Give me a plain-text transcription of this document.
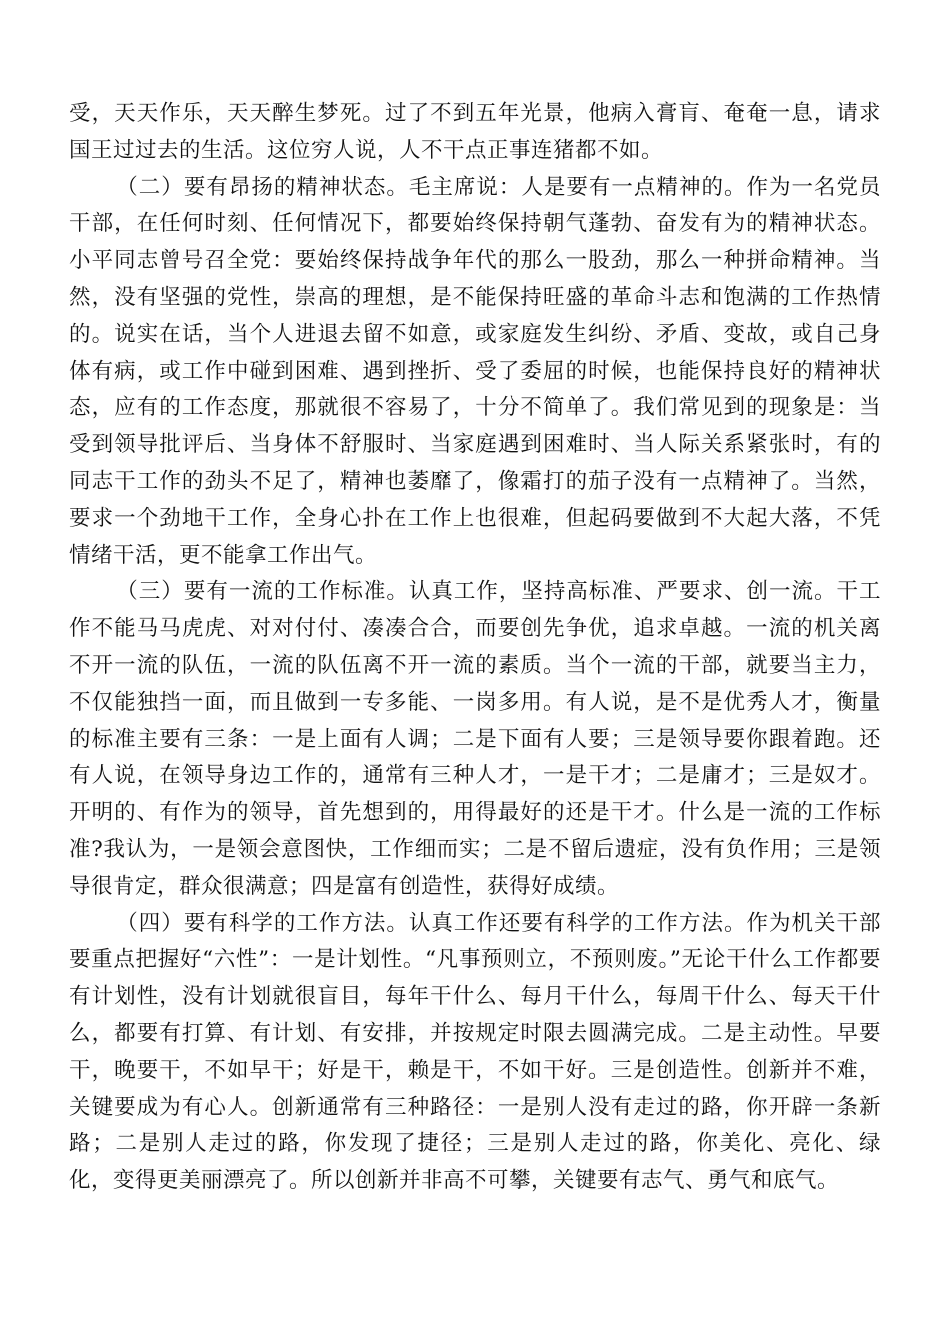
受，天天作乐，天天醉生梦死。过了不到五年光景，他病入膏肓、奄奄一息，请求国王过过去的生活。这位穷人说，人不干点正事连猪都不如。

（二）要有昂扬的精神状态。毛主席说：人是要有一点精神的。作为一名党员干部，在任何时刻、任何情况下，都要始终保持朝气蓬勃、奋发有为的精神状态。小平同志曾号召全党：要始终保持战争年代的那么一股劲，那么一种拼命精神。当然，没有坚强的党性，崇高的理想，是不能保持旺盛的革命斗志和饱满的工作热情的。说实在话，当个人进退去留不如意，或家庭发生纠纷、矛盾、变故，或自己身体有病，或工作中碰到困难、遇到挫折、受了委屈的时候，也能保持良好的精神状态，应有的工作态度，那就很不容易了，十分不简单了。我们常见到的现象是：当受到领导批评后、当身体不舒服时、当家庭遇到困难时、当人际关系紧张时，有的同志干工作的劲头不足了，精神也萎靡了，像霜打的茄子没有一点精神了。当然，要求一个劲地干工作，全身心扑在工作上也很难，但起码要做到不大起大落，不凭情绪干活，更不能拿工作出气。

（三）要有一流的工作标准。认真工作，坚持高标准、严要求、创一流。干工作不能马马虎虎、对对付付、凑凑合合，而要创先争优，追求卓越。一流的机关离不开一流的队伍，一流的队伍离不开一流的素质。当个一流的干部，就要当主力，不仅能独挡一面，而且做到一专多能、一岗多用。有人说，是不是优秀人才，衡量的标准主要有三条：一是上面有人调；二是下面有人要；三是领导要你跟着跑。还有人说，在领导身边工作的，通常有三种人才，一是干才；二是庸才；三是奴才。开明的、有作为的领导，首先想到的，用得最好的还是干才。什么是一流的工作标准?我认为，一是领会意图快，工作细而实；二是不留后遗症，没有负作用；三是领导很肯定，群众很满意；四是富有创造性，获得好成绩。

（四）要有科学的工作方法。认真工作还要有科学的工作方法。作为机关干部要重点把握好“六性”：一是计划性。“凡事预则立，不预则废。”无论干什么工作都要有计划性，没有计划就很盲目，每年干什么、每月干什么，每周干什么、每天干什么，都要有打算、有计划、有安排，并按规定时限去圆满完成。二是主动性。早要干，晚要干，不如早干；好是干，赖是干，不如干好。三是创造性。创新并不难，关键要成为有心人。创新通常有三种路径：一是别人没有走过的路，你开辟一条新路；二是别人走过的路，你发现了捷径；三是别人走过的路，你美化、亮化、绿化，变得更美丽漂亮了。所以创新并非高不可攀，关键要有志气、勇气和底气。
